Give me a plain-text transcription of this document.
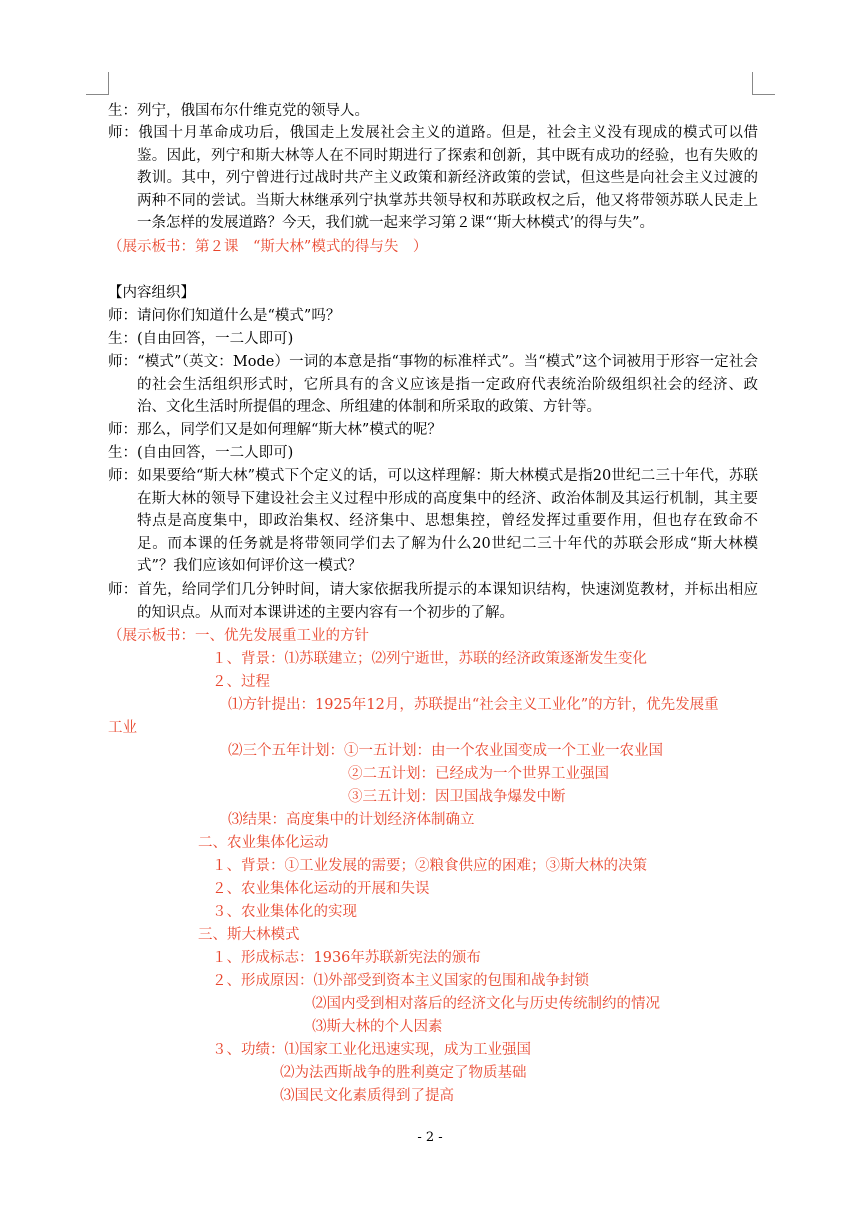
生：列宁，俄国布尔什维克党的领导人。
师：俄国十月革命成功后，俄国走上发展社会主义的道路。但是，社会主义没有现成的模式可以借鉴。因此，列宁和斯大林等人在不同时期进行了探索和创新，其中既有成功的经验，也有失败的教训。其中，列宁曾进行过战时共产主义政策和新经济政策的尝试，但这些是向社会主义过渡的两种不同的尝试。当斯大林继承列宁执掌苏共领导权和苏联政权之后，他又将带领苏联人民走上一条怎样的发展道路？今天，我们就一起来学习第２课“‘斯大林模式’的得与失”。
（展示板书：第２课　“斯大林”模式的得与失　）
【内容组织】
师：请问你们知道什么是“模式”吗？
生：(自由回答，一二人即可)
师：“模式”（英文：Mode）一词的本意是指“事物的标准样式”。当“模式”这个词被用于形容一定社会的社会生活组织形式时，它所具有的含义应该是指一定政府代表统治阶级组织社会的经济、政治、文化生活时所提倡的理念、所组建的体制和所采取的政策、方针等。
师：那么，同学们又是如何理解“斯大林”模式的呢？
生：(自由回答，一二人即可)
师：如果要给“斯大林”模式下个定义的话，可以这样理解：斯大林模式是指20世纪二三十年代，苏联在斯大林的领导下建设社会主义过程中形成的高度集中的经济、政治体制及其运行机制，其主要特点是高度集中，即政治集权、经济集中、思想集控，曾经发挥过重要作用，但也存在致命不足。而本课的任务就是将带领同学们去了解为什么20世纪二三十年代的苏联会形成“斯大林模式”？我们应该如何评价这一模式？
师：首先，给同学们几分钟时间，请大家依据我所提示的本课知识结构，快速浏览教材，并标出相应的知识点。从而对本课讲述的主要内容有一个初步的了解。
（展示板书：一、优先发展重工业的方针
１、背景：⑴苏联建立；⑵列宁逝世，苏联的经济政策逐渐发生变化
２、过程
⑴方针提出：1925年12月，苏联提出“社会主义工业化”的方针，优先发展重
工业
⑵三个五年计划：①一五计划：由一个农业国变成一个工业一农业国
②二五计划：已经成为一个世界工业强国
③三五计划：因卫国战争爆发中断
⑶结果：高度集中的计划经济体制确立
二、农业集体化运动
１、背景：①工业发展的需要；②粮食供应的困难；③斯大林的决策
２、农业集体化运动的开展和失误
３、农业集体化的实现
三、斯大林模式
１、形成标志：1936年苏联新宪法的颁布
２、形成原因：⑴外部受到资本主义国家的包围和战争封锁
⑵国内受到相对落后的经济文化与历史传统制约的情况
⑶斯大林的个人因素
３、功绩：⑴国家工业化迅速实现，成为工业强国
⑵为法西斯战争的胜利奠定了物质基础
⑶国民文化素质得到了提高
- 2 -
